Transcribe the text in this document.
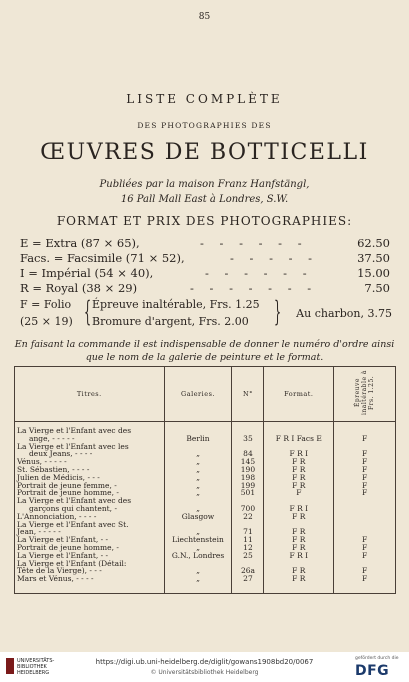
85
LISTE COMPLÈTE
DES PHOTOGRAPHIES DES
ŒUVRES DE BOTTICELLI
Publiées par la maison Franz Hanfstängl,
16 Pall Mall East à Londres, S.W.
FORMAT ET PRIX DES PHOTOGRAPHIES:
E = Extra (87 × 65),	- - - - - -	62.50
Facs. = Facsimile (71 × 52),	- - - - -	37.50
I = Impérial (54 × 40),	- - - - - -	15.00
R = Royal (38 × 29)	- - - - - - -	7.50
F = Folio
(25 × 19) { Épreuve inaltérable, Frs. 1.25
Bromure d'argent, Frs. 2.00 } Au charbon, 3.75
En faisant la commande il est indispensable de donner le numéro d'ordre ainsi que le nom de la galerie de peinture et le format.
Titres.	Galeries.	N°	Format.	Épreuve inaltérable à Frs. 1.25.
La Vierge et l'Enfant avec des				
ange, - - - - -	Berlin	35	F R I Facs E	F
La Vierge et l'Enfant avec les				
deux Jeans, - - - -	„	84	F R I	F
Vénus, - - - - -	„	145	F R	F
St. Sébastien, - - - -	„	190	F R	F
Julien de Médicis, - - -	„	198	F R	F
Portrait de jeune femme, -	„	199	F R	F
Portrait de jeune homme, -	„	501	F	F
La Vierge et l'Enfant avec des				
garçons qui chantent, -	„	700	F R I	
L'Annonciation, - - - -	Glasgow	22	F R	
La Vierge et l'Enfant avec St.				
Jean, - - - - -	„	71	F R	
La Vierge et l'Enfant, - -	Liechtenstein	11	F R	F
Portrait de jeune homme, -	„	12	F R	F
La Vierge et l'Enfant, - -	G.N., Londres	25	F R I	F
La Vierge et l'Enfant (Détail:				
Tête de la Vierge), - - -	„	26a	F R	F
Mars et Vénus, - - - -	„	27	F R	F
UNIVERSITÄTS-
BIBLIOTHEK
HEIDELBERG
https://digi.ub.uni-heidelberg.de/diglit/gowans1908bd20/0067
© Universitätsbibliothek Heidelberg
gefördert durch die
DFG
